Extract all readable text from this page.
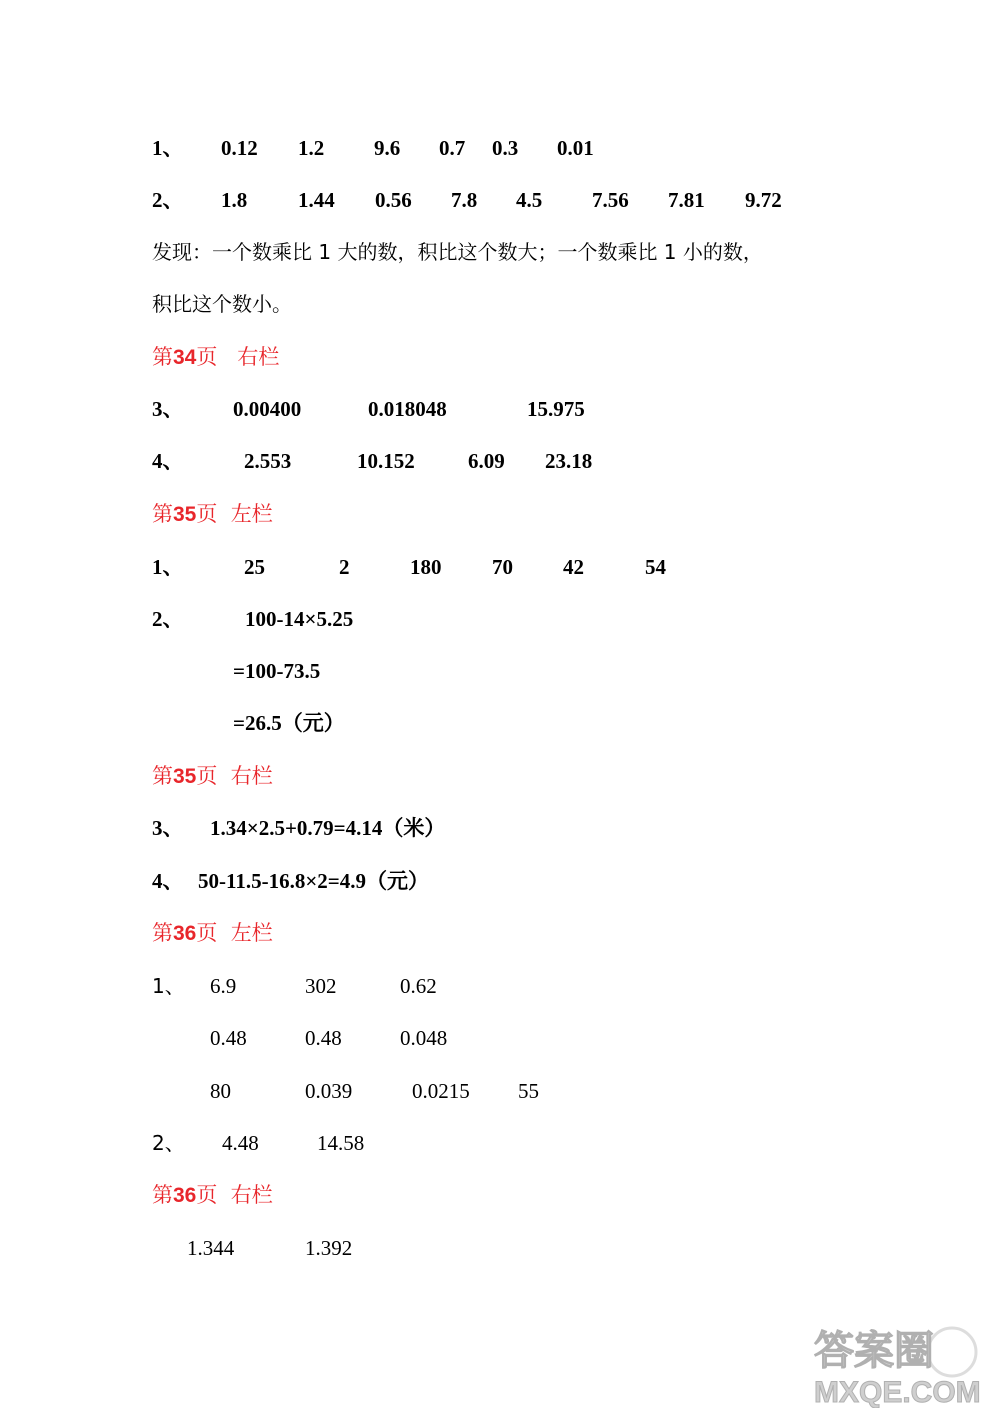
1、 0.12 1.2 9.6 0.7 0.3 0.01
2、 1.8 1.44 0.56 7.8 4.5 7.56 7.81 9.72
发现：一个数乘比 1 大的数，积比这个数大；一个数乘比 1 小的数，
积比这个数小。
第34页 右栏
3、 0.00400	0.018048	15.975
4、	2.553	10.152	6.09 23.18
第35页 左栏
1、	25	2	180 70 42	54
2、	100-14×5.25
=100-73.5
=26.5（元）
第35页 右栏
3、 1.34×2.5+0.79=4.14（米）
4、 50-11.5-16.8×2=4.9（元）
第36页 左栏
1、 6.9	302	0.62
0.48	0.48	0.048
80	0.039	0.0215 55
2、 4.48	14.58
第36页 右栏
1.344	1.392
答案圈
MXQE.COM
